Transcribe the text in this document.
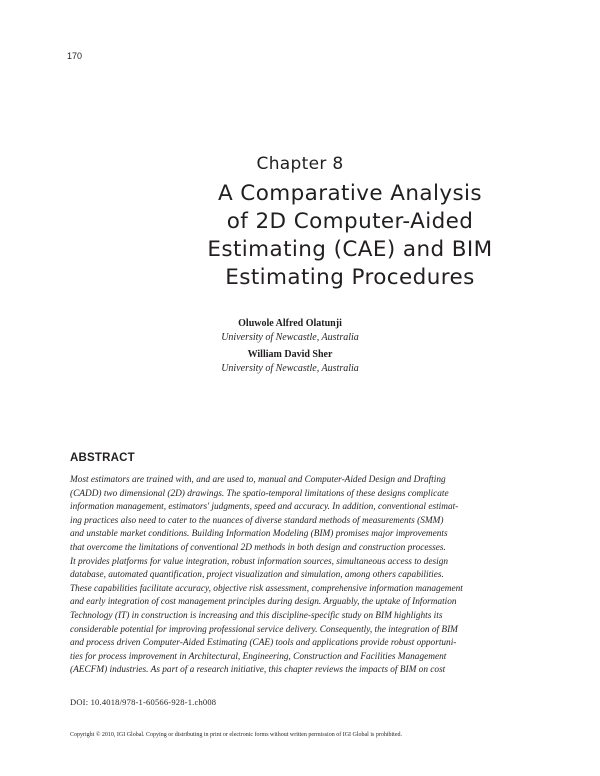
170
Chapter 8
A Comparative Analysis
of 2D Computer-Aided
Estimating (CAE) and BIM
Estimating Procedures
Oluwole Alfred Olatunji
University of Newcastle, Australia
William David Sher
University of Newcastle, Australia
ABSTRACT
Most estimators are trained with, and are used to, manual and Computer-Aided Design and Drafting
(CADD) two dimensional (2D) drawings. The spatio-temporal limitations of these designs complicate
information management, estimators' judgments, speed and accuracy. In addition, conventional estimat-
ing practices also need to cater to the nuances of diverse standard methods of measurements (SMM)
and unstable market conditions. Building Information Modeling (BIM) promises major improvements
that overcome the limitations of conventional 2D methods in both design and construction processes.
It provides platforms for value integration, robust information sources, simultaneous access to design
database, automated quantification, project visualization and simulation, among others capabilities.
These capabilities facilitate accuracy, objective risk assessment, comprehensive information management
and early integration of cost management principles during design. Arguably, the uptake of Information
Technology (IT) in construction is increasing and this discipline-specific study on BIM highlights its
considerable potential for improving professional service delivery. Consequently, the integration of BIM
and process driven Computer-Aided Estimating (CAE) tools and applications provide robust opportuni-
ties for process improvement in Architectural, Engineering, Construction and Facilities Management
(AECFM) industries. As part of a research initiative, this chapter reviews the impacts of BIM on cost
DOI: 10.4018/978-1-60566-928-1.ch008
Copyright © 2010, IGI Global. Copying or distributing in print or electronic forms without written permission of IGI Global is prohibited.
